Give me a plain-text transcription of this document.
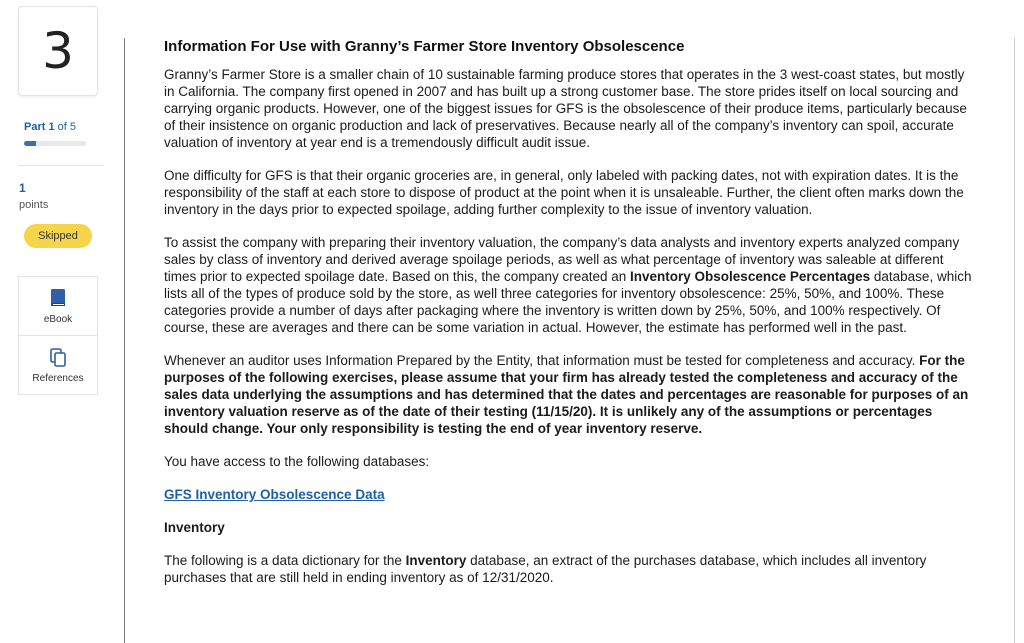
3
Part 1 of 5
1
points
Skipped
eBook
References
Information For Use with Granny’s Farmer Store Inventory Obsolescence

Granny’s Farmer Store is a smaller chain of 10 sustainable farming produce stores that operates in the 3 west-coast states, but mostly in California. The company first opened in 2007 and has built up a strong customer base. The store prides itself on local sourcing and carrying organic products. However, one of the biggest issues for GFS is the obsolescence of their produce items, particularly because of their insistence on organic production and lack of preservatives. Because nearly all of the company’s inventory can spoil, accurate valuation of inventory at year end is a tremendously difficult audit issue.

One difficulty for GFS is that their organic groceries are, in general, only labeled with packing dates, not with expiration dates. It is the responsibility of the staff at each store to dispose of product at the point when it is unsaleable. Further, the client often marks down the inventory in the days prior to expected spoilage, adding further complexity to the issue of inventory valuation.

To assist the company with preparing their inventory valuation, the company’s data analysts and inventory experts analyzed company sales by class of inventory and derived average spoilage periods, as well as what percentage of inventory was saleable at different times prior to expected spoilage date. Based on this, the company created an Inventory Obsolescence Percentages database, which lists all of the types of produce sold by the store, as well three categories for inventory obsolescence: 25%, 50%, and 100%. These categories provide a number of days after packaging where the inventory is written down by 25%, 50%, and 100% respectively. Of course, these are averages and there can be some variation in actual. However, the estimate has performed well in the past.

Whenever an auditor uses Information Prepared by the Entity, that information must be tested for completeness and accuracy. For the purposes of the following exercises, please assume that your firm has already tested the completeness and accuracy of the sales data underlying the assumptions and has determined that the dates and percentages are reasonable for purposes of an inventory valuation reserve as of the date of their testing (11/15/20). It is unlikely any of the assumptions or percentages should change. Your only responsibility is testing the end of year inventory reserve.

You have access to the following databases:

GFS Inventory Obsolescence Data

Inventory

The following is a data dictionary for the Inventory database, an extract of the purchases database, which includes all inventory purchases that are still held in ending inventory as of 12/31/2020.
